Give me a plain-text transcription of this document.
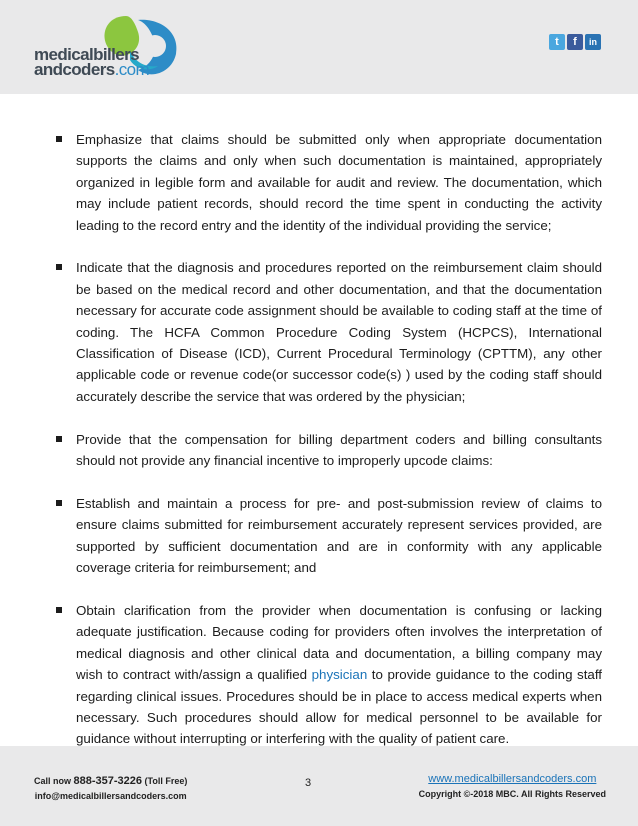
medicalbillers
andcoders.com
t	f	in
Emphasize that claims should be submitted only when appropriate documentation supports the claims and only when such documentation is maintained, appropriately organized in legible form and available for audit and review. The documentation, which may include patient records, should record the time spent in conducting the activity leading to the record entry and the identity of the individual providing the service;
Indicate that the diagnosis and procedures reported on the reimbursement claim should be based on the medical record and other documentation, and that the documentation necessary for accurate code assignment should be available to coding staff at the time of coding. The HCFA Common Procedure Coding System (HCPCS), International Classification of Disease (ICD), Current Procedural Terminology (CPTTM), any other applicable code or revenue code(or successor code(s) ) used by the coding staff should accurately describe the service that was ordered by the physician;
Provide that the compensation for billing department coders and billing consultants should not provide any financial incentive to improperly upcode claims:
Establish and maintain a process for pre- and post-submission review of claims to ensure claims submitted for reimbursement accurately represent services provided, are supported by sufficient documentation and are in conformity with any applicable coverage criteria for reimbursement; and
Obtain clarification from the provider when documentation is confusing or lacking adequate justification. Because coding for providers often involves the interpretation of medical diagnosis and other clinical data and documentation, a billing company may wish to contract with/assign a qualified physician to provide guidance to the coding staff regarding clinical issues. Procedures should be in place to access medical experts when necessary. Such procedures should allow for medical personnel to be available for guidance without interrupting or interfering with the quality of patient care.
Call now 888-357-3226 (Toll Free)
info@medicalbillersandcoders.com
3	www.medicalbillersandcoders.com
Copyright ©-2018 MBC. All Rights Reserved
